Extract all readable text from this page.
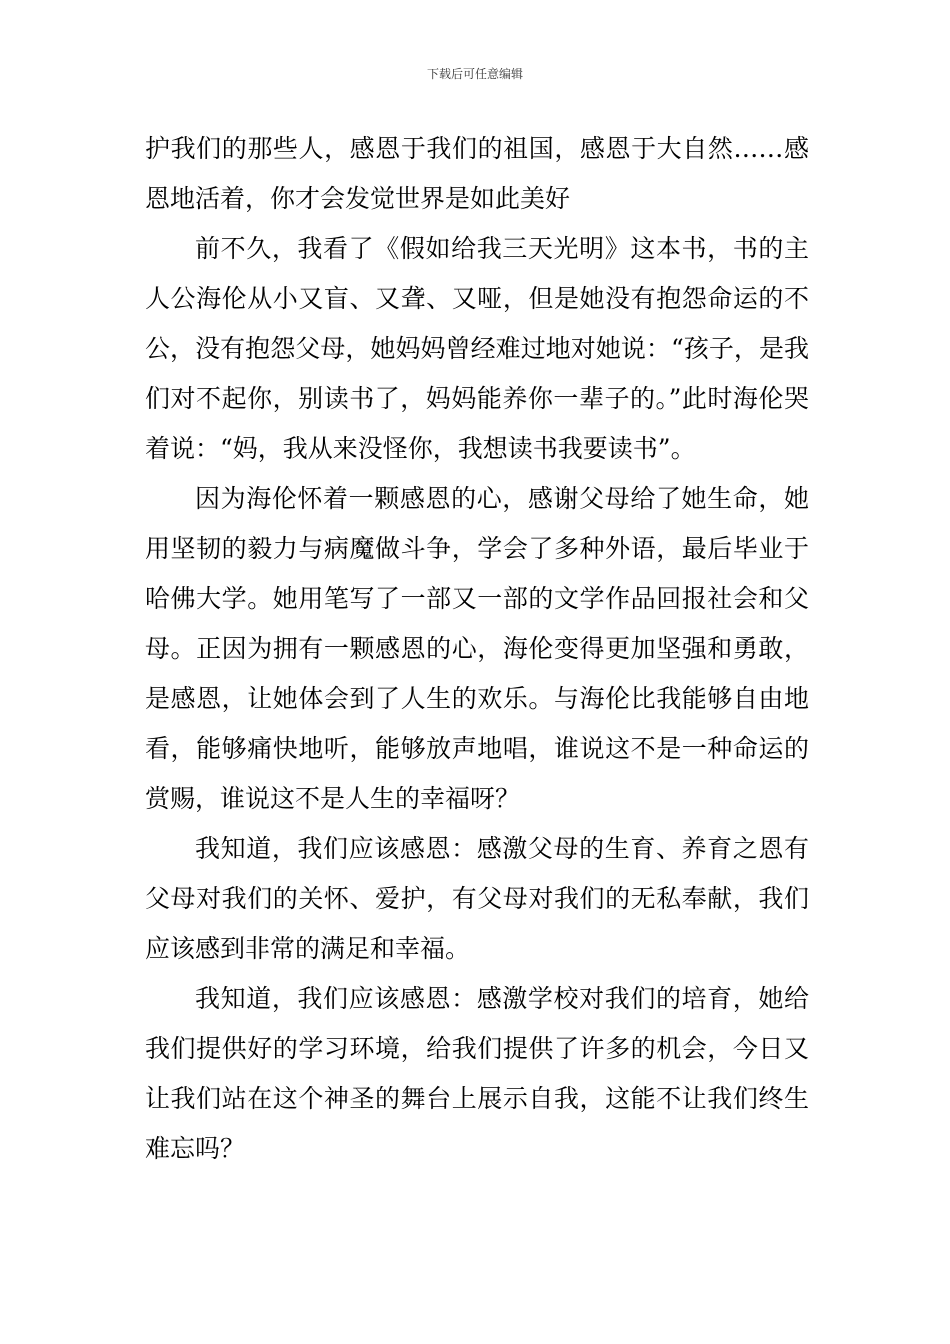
下载后可任意编辑

护我们的那些人，感恩于我们的祖国，感恩于大自然……感恩地活着，你才会发觉世界是如此美好

前不久，我看了《假如给我三天光明》这本书，书的主人公海伦从小又盲、又聋、又哑，但是她没有抱怨命运的不公，没有抱怨父母，她妈妈曾经难过地对她说：“孩子，是我们对不起你，别读书了，妈妈能养你一辈子的。”此时海伦哭着说：“妈，我从来没怪你，我想读书我要读书”。

因为海伦怀着一颗感恩的心，感谢父母给了她生命，她用坚韧的毅力与病魔做斗争，学会了多种外语，最后毕业于哈佛大学。她用笔写了一部又一部的文学作品回报社会和父母。正因为拥有一颗感恩的心，海伦变得更加坚强和勇敢，是感恩，让她体会到了人生的欢乐。与海伦比我能够自由地看，能够痛快地听，能够放声地唱，谁说这不是一种命运的赏赐，谁说这不是人生的幸福呀？

我知道，我们应该感恩：感激父母的生育、养育之恩有父母对我们的关怀、爱护，有父母对我们的无私奉献，我们应该感到非常的满足和幸福。

我知道，我们应该感恩：感激学校对我们的培育，她给我们提供好的学习环境，给我们提供了许多的机会，今日又让我们站在这个神圣的舞台上展示自我，这能不让我们终生难忘吗？
